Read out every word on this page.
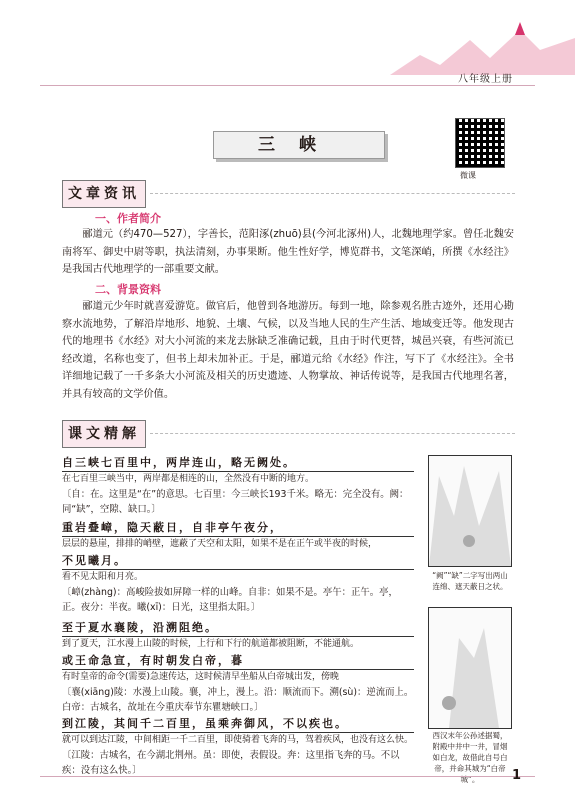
八年级上册
三峡
微课
文章资讯
一、作者简介
郦道元（约470—527），字善长，范阳涿(zhuō)县(今河北涿州)人，北魏地理学家。曾任北魏安南将军、御史中尉等职，执法清刻，办事果断。他生性好学，博览群书，文笔深峭，所撰《水经注》是我国古代地理学的一部重要文献。
二、背景资料
郦道元少年时就喜爱游览。做官后，他曾到各地游历。每到一地，除参观名胜古迹外，还用心勘察水流地势，了解沿岸地形、地貌、土壤、气候，以及当地人民的生产生活、地域变迁等。他发现古代的地理书《水经》对大小河流的来龙去脉缺乏准确记载，且由于时代更替，城邑兴衰，有些河流已经改道，名称也变了，但书上却未加补正。于是，郦道元给《水经》作注，写下了《水经注》。全书详细地记载了一千多条大小河流及相关的历史遗迹、人物掌故、神话传说等，是我国古代地理名著，并具有较高的文学价值。
课文精解
自三峡七百里中，两岸连山，略无阙处。
在七百里三峡当中，两岸都是相连的山，全然没有中断的地方。
〔自：在。这里是“在”的意思。七百里：今三峡长193千米。略无：完全没有。阙：同“缺”，空隙、缺口。〕
重岩叠嶂，隐天蔽日，自非亭午夜分，
层层的悬崖，排排的峭壁，遮蔽了天空和太阳，如果不是在正午或半夜的时候，
不见曦月。
看不见太阳和月亮。
〔嶂(zhàng)：高峻险拔如屏障一样的山峰。自非：如果不是。亭午：正午。亭，正。夜分：半夜。曦(xī)：日光，这里指太阳。〕
至于夏水襄陵，沿溯阻绝。
到了夏天，江水漫上山陵的时候，上行和下行的航道都被阻断，不能通航。
或王命急宣，有时朝发白帝，暮
有时皇帝的命令(需要)急速传达，这时候清早坐船从白帝城出发，傍晚
〔襄(xiāng)陵：水漫上山陵。襄，冲上，漫上。沿：顺流而下。溯(sù)：逆流而上。白帝：古城名，故址在今重庆奉节东瞿塘峡口。〕
到江陵，其间千二百里，虽乘奔御风，不以疾也。
就可以到达江陵，中间相距一千二百里，即使骑着飞奔的马，驾着疾风，也没有这么快。
〔江陵：古城名，在今湖北荆州。虽：即使，表假设。奔：这里指飞奔的马。不以疾：没有这么快。〕
“阙”“缺”二字写出两山连绵、遮天蔽日之状。
西汉末年公孙述据蜀，附殿中井中一井，冒烟如白龙，故借此自号白帝，并命其城为“白帝城”。	1
